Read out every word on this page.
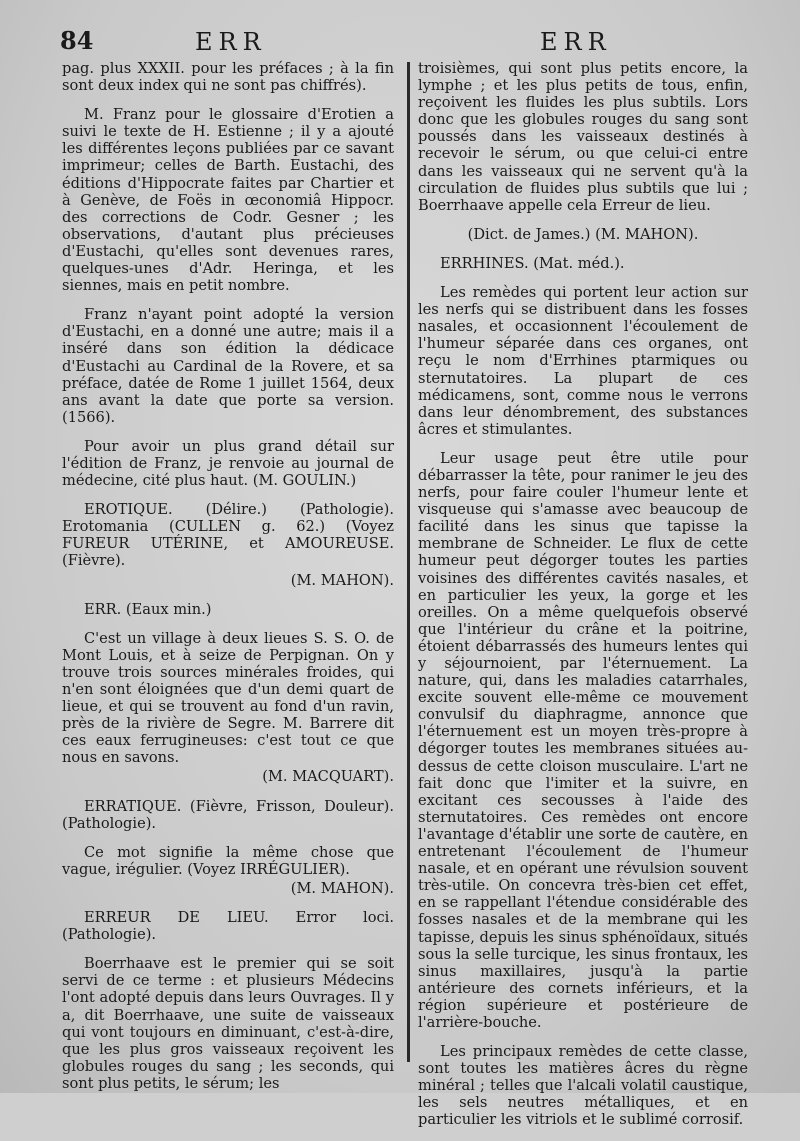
84	ERR	ERR

pag. plus XXXII. pour les préfaces ; à la fin sont deux index qui ne sont pas chiffrés).

M. Franz pour le glossaire d'Erotien a suivi le texte de H. Estienne ; il y a ajouté les différentes leçons publiées par ce savant imprimeur; celles de Barth. Eustachi, des éditions d'Hippocrate faites par Chartier et à Genève, de Foës in œconomiâ Hippocr. des corrections de Codr. Gesner ; les observations, d'autant plus précieuses d'Eustachi, qu'elles sont devenues rares, quelques-unes d'Adr. Heringa, et les siennes, mais en petit nombre.

Franz n'ayant point adopté la version d'Eustachi, en a donné une autre; mais il a inséré dans son édition la dédicace d'Eustachi au Cardinal de la Rovere, et sa préface, datée de Rome 1 juillet 1564, deux ans avant la date que porte sa version. (1566).

Pour avoir un plus grand détail sur l'édition de Franz, je renvoie au journal de médecine, cité plus haut. (M. GOULIN.)

EROTIQUE. (Délire.) (Pathologie). Erotomania (CULLEN g. 62.) (Voyez FUREUR UTÉRINE, et AMOUREUSE. (Fièvre).

(M. MAHON).

ERR. (Eaux min.)

C'est un village à deux lieues S. S. O. de Mont Louis, et à seize de Perpignan. On y trouve trois sources minérales froides, qui n'en sont éloignées que d'un demi quart de lieue, et qui se trouvent au fond d'un ravin, près de la rivière de Segre. M. Barrere dit ces eaux ferrugineuses: c'est tout ce que nous en savons.

(M. MACQUART).

ERRATIQUE. (Fièvre, Frisson, Douleur). (Pathologie).

Ce mot signifie la même chose que vague, irégulier. (Voyez IRRÉGULIER).

(M. MAHON).

ERREUR DE LIEU. Error loci. (Pathologie).

Boerrhaave est le premier qui se soit servi de ce terme : et plusieurs Médecins l'ont adopté depuis dans leurs Ouvrages. Il y a, dit Boerrhaave, une suite de vaisseaux qui vont toujours en diminuant, c'est-à-dire, que les plus gros vaisseaux reçoivent les globules rouges du sang ; les seconds, qui sont plus petits, le sérum; les

troisièmes, qui sont plus petits encore, la lymphe ; et les plus petits de tous, enfin, reçoivent les fluides les plus subtils. Lors donc que les globules rouges du sang sont poussés dans les vaisseaux destinés à recevoir le sérum, ou que celui-ci entre dans les vaisseaux qui ne servent qu'à la circulation de fluides plus subtils que lui ; Boerrhaave appelle cela Erreur de lieu.

(Dict. de James.) (M. MAHON).

ERRHINES. (Mat. méd.).

Les remèdes qui portent leur action sur les nerfs qui se distribuent dans les fosses nasales, et occasionnent l'écoulement de l'humeur séparée dans ces organes, ont reçu le nom d'Errhines ptarmiques ou sternutatoires. La plupart de ces médicamens, sont, comme nous le verrons dans leur dénombrement, des substances âcres et stimulantes.

Leur usage peut être utile pour débarrasser la tête, pour ranimer le jeu des nerfs, pour faire couler l'humeur lente et visqueuse qui s'amasse avec beaucoup de facilité dans les sinus que tapisse la membrane de Schneider. Le flux de cette humeur peut dégorger toutes les parties voisines des différentes cavités nasales, et en particulier les yeux, la gorge et les oreilles. On a même quelquefois observé que l'intérieur du crâne et la poitrine, étoient débarrassés des humeurs lentes qui y séjournoient, par l'éternuement. La nature, qui, dans les maladies catarrhales, excite souvent elle-même ce mouvement convulsif du diaphragme, annonce que l'éternuement est un moyen très-propre à dégorger toutes les membranes situées au-dessus de cette cloison musculaire. L'art ne fait donc que l'imiter et la suivre, en excitant ces secousses à l'aide des sternutatoires. Ces remèdes ont encore l'avantage d'établir une sorte de cautère, en entretenant l'écoulement de l'humeur nasale, et en opérant une révulsion souvent très-utile. On concevra très-bien cet effet, en se rappellant l'étendue considérable des fosses nasales et de la membrane qui les tapisse, depuis les sinus sphénoïdaux, situés sous la selle turcique, les sinus frontaux, les sinus maxillaires, jusqu'à la partie antérieure des cornets inférieurs, et la région supérieure et postérieure de l'arrière-bouche.

Les principaux remèdes de cette classe, sont toutes les matières âcres du règne minéral ; telles que l'alcali volatil caustique, les sels neutres métalliques, et en particulier les vitriols et le sublimé corrosif.
